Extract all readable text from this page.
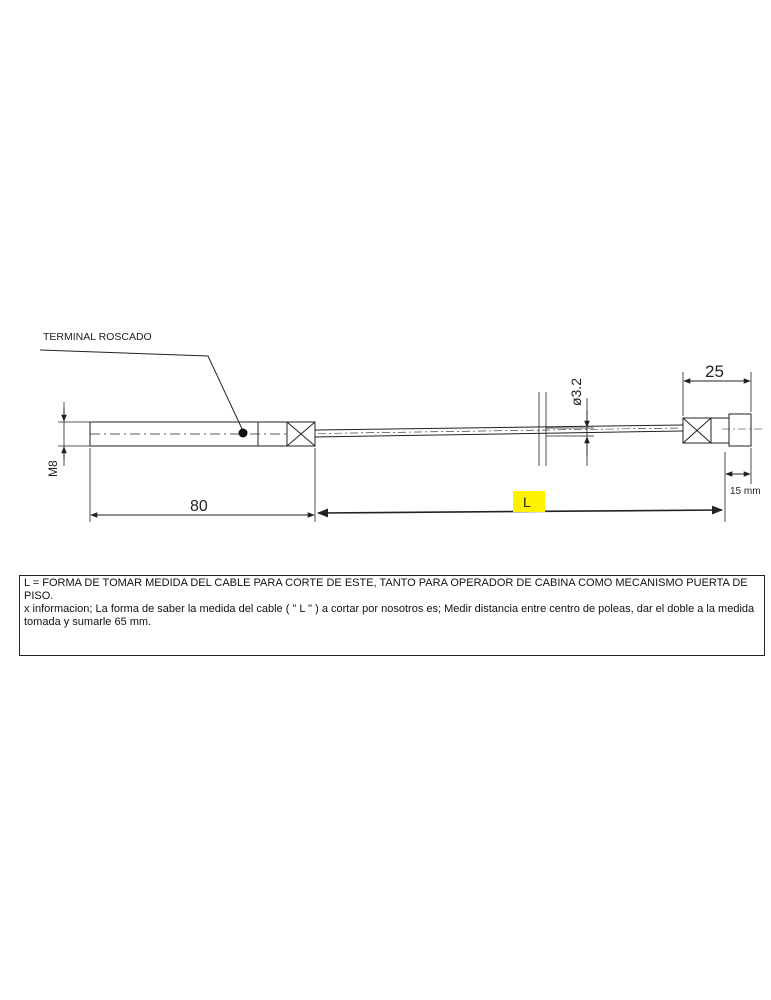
TERMINAL ROSCADO
M8
ø3.2
25
80	L
15 mm

L = FORMA DE TOMAR MEDIDA DEL CABLE PARA CORTE DE ESTE, TANTO PARA OPERADOR DE CABINA COMO MECANISMO PUERTA DE PISO.

x informacion; La forma de saber la medida del cable ( " L " ) a cortar por nosotros es; Medir distancia entre centro de poleas, dar el doble a la medida tomada y sumarle 65 mm.
